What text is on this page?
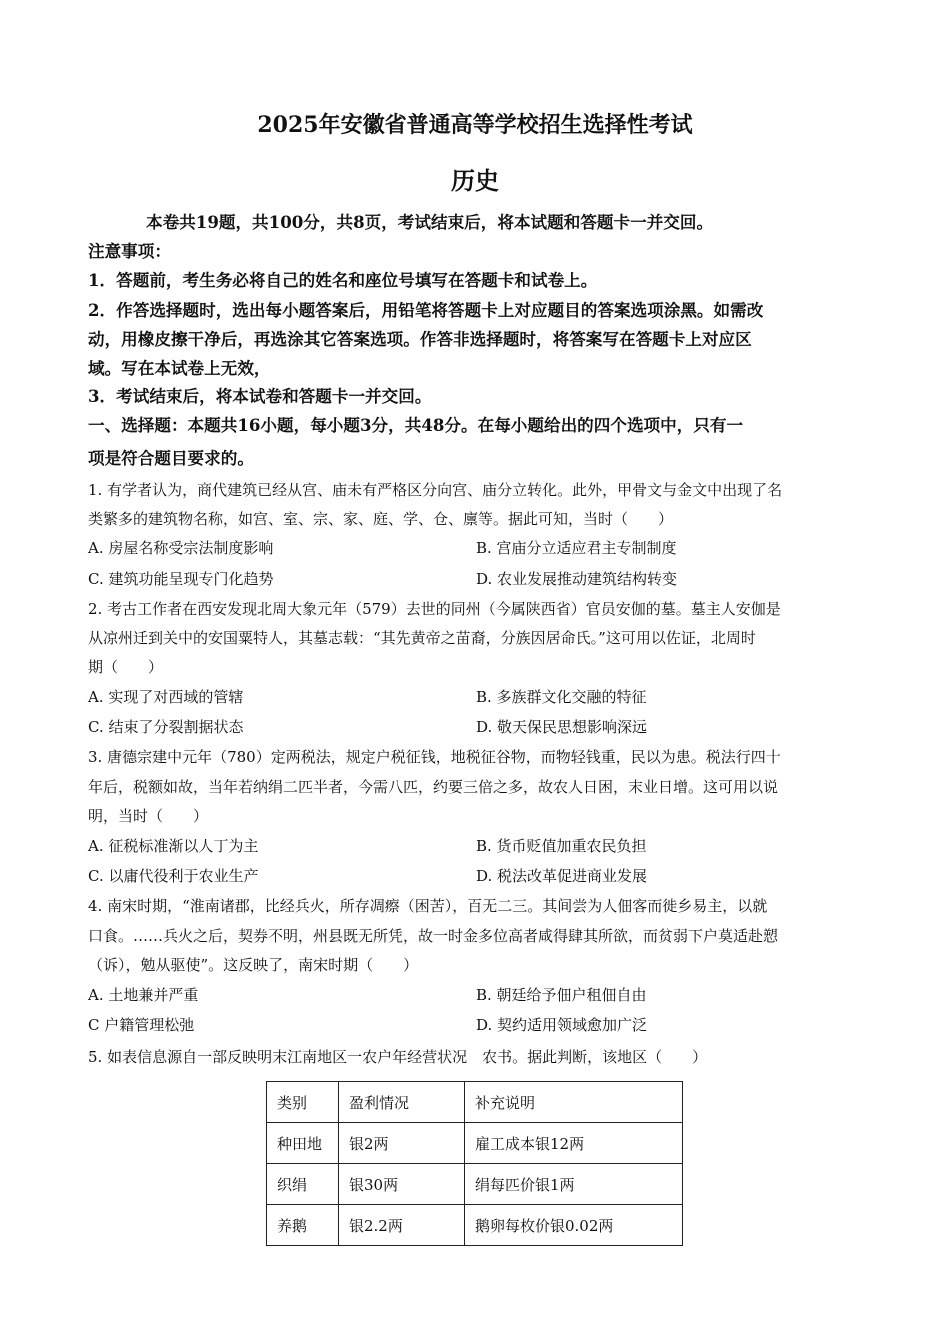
2025年安徽省普通高等学校招生选择性考试
历史
本卷共19题，共100分，共8页，考试结束后，将本试题和答题卡一并交回。
注意事项：
1．答题前，考生务必将自己的姓名和座位号填写在答题卡和试卷上。
2．作答选择题时，选出每小题答案后，用铅笔将答题卡上对应题目的答案选项涂黑。如需改
动，用橡皮擦干净后，再选涂其它答案选项。作答非选择题时，将答案写在答题卡上对应区
域。写在本试卷上无效，
3．考试结束后，将本试卷和答题卡一并交回。
一、选择题：本题共16小题，每小题3分，共48分。在每小题给出的四个选项中，只有一
项是符合题目要求的。
1. 有学者认为，商代建筑已经从宫、庙未有严格区分向宫、庙分立转化。此外，甲骨文与金文中出现了名
类繁多的建筑物名称，如宫、室、宗、家、庭、学、仓、廪等。据此可知，当时（　　）
A. 房屋名称受宗法制度影响	B. 宫庙分立适应君主专制制度
C. 建筑功能呈现专门化趋势	D. 农业发展推动建筑结构转变
2. 考古工作者在西安发现北周大象元年（579）去世的同州（今属陕西省）官员安伽的墓。墓主人安伽是
从凉州迁到关中的安国粟特人，其墓志载：“其先黄帝之苗裔，分族因居命氏。”这可用以佐证，北周时
期（　　）
A. 实现了对西域的管辖	B. 多族群文化交融的特征
C. 结束了分裂割据状态	D. 敬天保民思想影响深远
3. 唐德宗建中元年（780）定两税法，规定户税征钱，地税征谷物，而物轻钱重，民以为患。税法行四十
年后，税额如故，当年若纳绢二匹半者，今需八匹，约要三倍之多，故农人日困，末业日增。这可用以说
明，当时（　　）
A. 征税标准渐以人丁为主	B. 货币贬值加重农民负担
C. 以庸代役利于农业生产	D. 税法改革促进商业发展
4. 南宋时期，“淮南诸郡，比经兵火，所存凋瘵（困苦），百无二三。其间尝为人佃客而徙乡易主，以就
口食。……兵火之后，契券不明，州县既无所凭，故一时金多位高者咸得肆其所欲，而贫弱下户莫适赴愬
（诉），勉从驱使”。这反映了，南宋时期（　　）
A. 土地兼并严重	B. 朝廷给予佃户租佃自由
C 户籍管理松弛	D. 契约适用领域愈加广泛
5. 如表信息源自一部反映明末江南地区一农户年经营状况　农书。据此判断，该地区（　　）
类别	盈利情况	补充说明
种田地	银2两	雇工成本银12两
织绢	银30两	绢每匹价银1两
养鹅	银2.2两	鹅卵每枚价银0.02两
